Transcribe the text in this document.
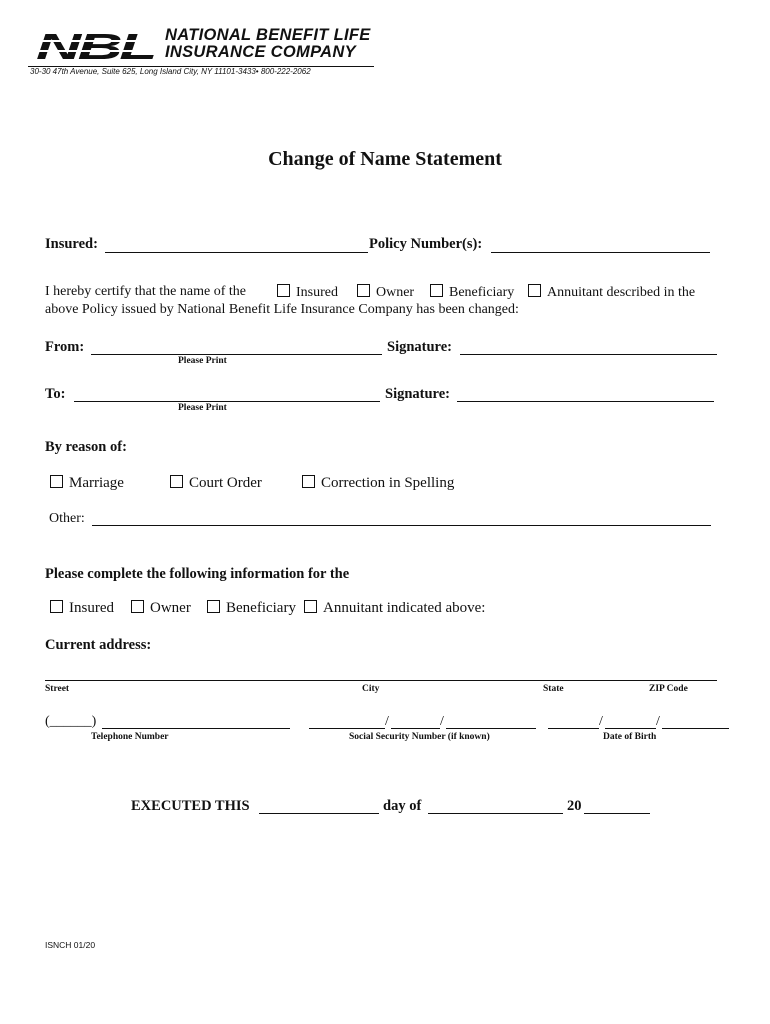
NBL NATIONAL BENEFIT LIFE
INSURANCE COMPANY
30-30 47th Avenue, Suite 625, Long Island City, NY 11101-3433• 800-222-2062
Change of Name Statement
Insured:	Policy Number(s):
I hereby certify that the name of the	Insured	Owner	Beneficiary	Annuitant described in the
above Policy issued by National Benefit Life Insurance Company has been changed:
From:
Please Print
Signature:
To:
Please Print
Signature:
By reason of:
Marriage	Court Order	Correction in Spelling
Other:
Please complete the following information for the
Insured	Owner	Beneficiary	Annuitant indicated above:
Current address:
Street	City	State	ZIP Code
(______)
Telephone Number
/	/
Social Security Number (if known)
/	/
Date of Birth
EXECUTED THIS	day of	20
ISNCH 01/20
